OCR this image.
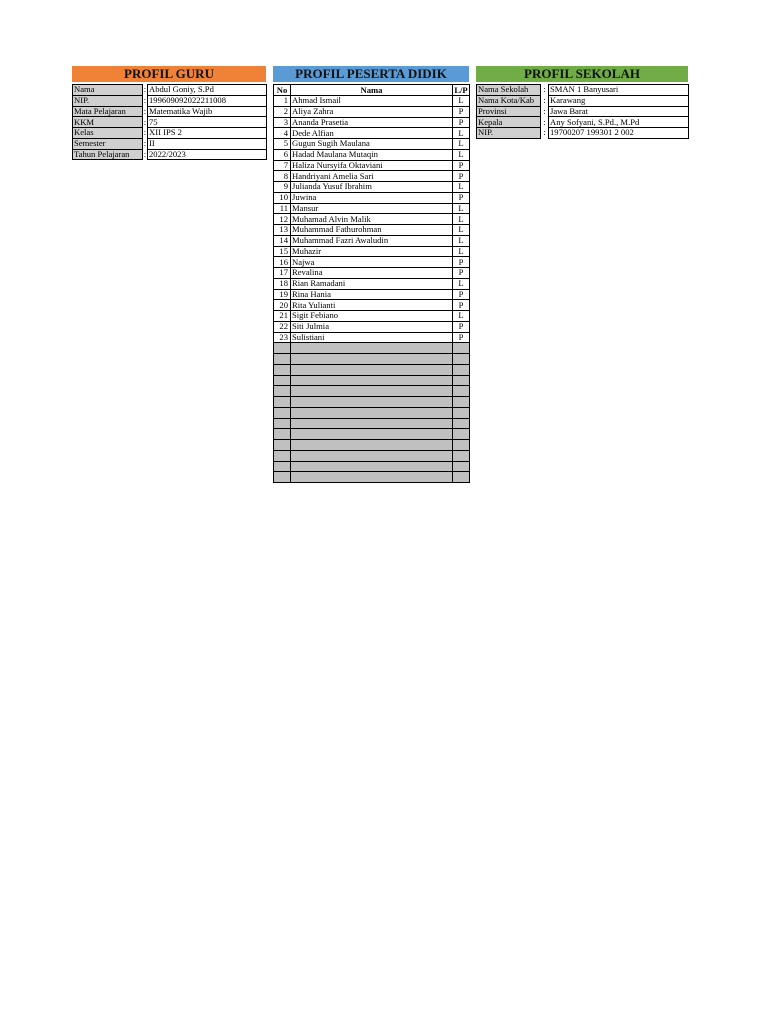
PROFIL GURU
Nama	:	Abdul Goniy, S.Pd
NIP.	:	199609092022211008
Mata Pelajaran	:	Matematika Wajib
KKM	:	75
Kelas	:	XII IPS 2
Semester	:	II
Tahun Pelajaran	:	2022/2023
PROFIL PESERTA DIDIK
No	Nama	L/P
1	Ahmad Ismail	L
2	Aliya Zahra	P
3	Ananda Prasetia	P
4	Dede Alfian	L
5	Gugun Sugih Maulana	L
6	Hadad Maulana Mutaqin	L
7	Haliza Nursyifa Oktaviani	P
8	Handriyani Amelia Sari	P
9	Julianda Yusuf Ibrahim	L
10	Juwina	P
11	Mansur	L
12	Muhamad Alvin Malik	L
13	Muhammad Fathurohman	L
14	Muhammad Fazri Awaludin	L
15	Muhazir	L
16	Najwa	P
17	Revalina	P
18	Rian Ramadani	L
19	Rina Hania	P
20	Rita Yulianti	P
21	Sigit Febiano	L
22	Siti Julmia	P
23	Sulistiani	P

PROFIL SEKOLAH
Nama Sekolah	:	SMAN 1 Banyusari
Nama Kota/Kab	:	Karawang
Provinsi	:	Jawa Barat
Kepala	:	Any Sofyani, S.Pd., M.Pd
NIP.	:	19700207 199301 2 002
